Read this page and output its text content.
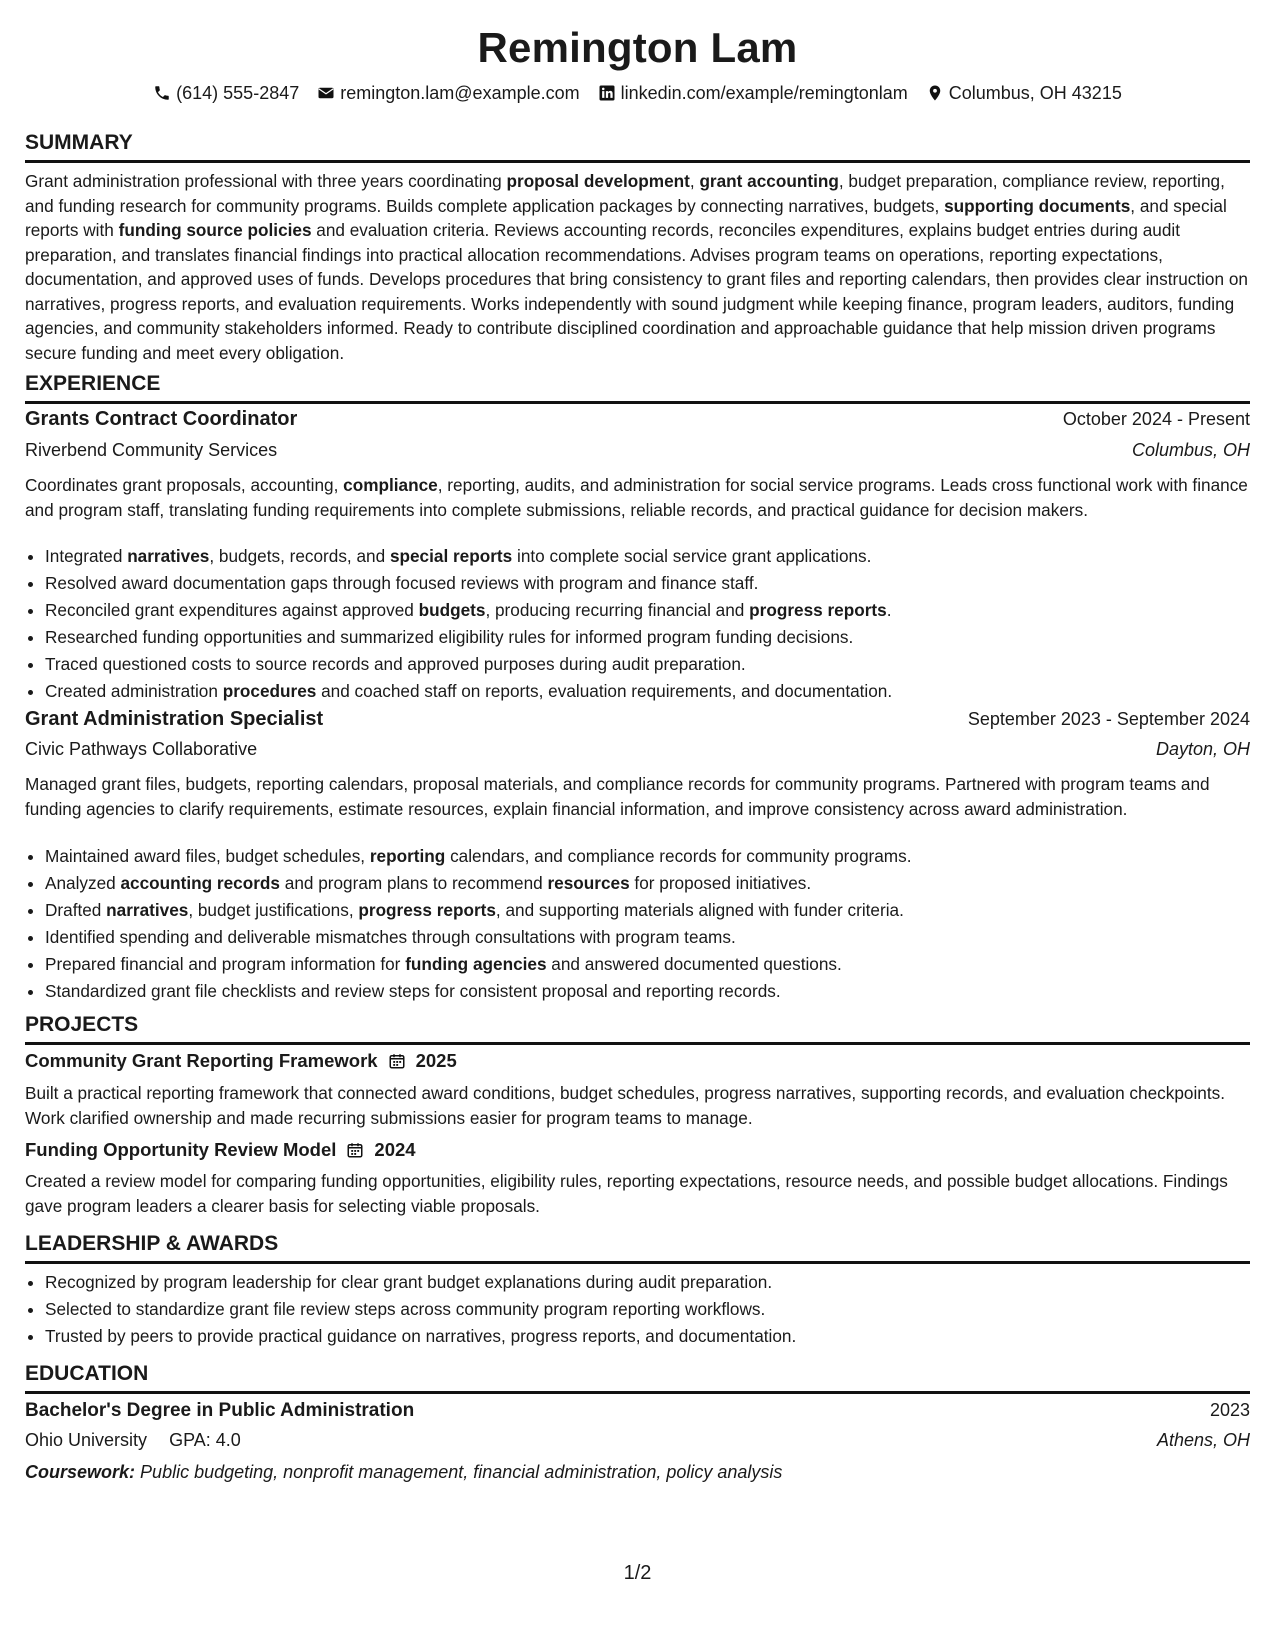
Remington Lam
(614) 555-2847 remington.lam@example.com linkedin.com/example/remingtonlam Columbus, OH 43215
SUMMARY
Grant administration professional with three years coordinating proposal development, grant accounting, budget preparation, compliance review, reporting, and funding research for community programs. Builds complete application packages by connecting narratives, budgets, supporting documents, and special reports with funding source policies and evaluation criteria. Reviews accounting records, reconciles expenditures, explains budget entries during audit preparation, and translates financial findings into practical allocation recommendations. Advises program teams on operations, reporting expectations, documentation, and approved uses of funds. Develops procedures that bring consistency to grant files and reporting calendars, then provides clear instruction on narratives, progress reports, and evaluation requirements. Works independently with sound judgment while keeping finance, program leaders, auditors, funding agencies, and community stakeholders informed. Ready to contribute disciplined coordination and approachable guidance that help mission driven programs secure funding and meet every obligation.
EXPERIENCE
Grants Contract Coordinator	October 2024 - Present
Riverbend Community Services	Columbus, OH
Coordinates grant proposals, accounting, compliance, reporting, audits, and administration for social service programs. Leads cross functional work with finance and program staff, translating funding requirements into complete submissions, reliable records, and practical guidance for decision makers.
• Integrated narratives, budgets, records, and special reports into complete social service grant applications.
• Resolved award documentation gaps through focused reviews with program and finance staff.
• Reconciled grant expenditures against approved budgets, producing recurring financial and progress reports.
• Researched funding opportunities and summarized eligibility rules for informed program funding decisions.
• Traced questioned costs to source records and approved purposes during audit preparation.
• Created administration procedures and coached staff on reports, evaluation requirements, and documentation.
Grant Administration Specialist	September 2023 - September 2024
Civic Pathways Collaborative	Dayton, OH
Managed grant files, budgets, reporting calendars, proposal materials, and compliance records for community programs. Partnered with program teams and funding agencies to clarify requirements, estimate resources, explain financial information, and improve consistency across award administration.
• Maintained award files, budget schedules, reporting calendars, and compliance records for community programs.
• Analyzed accounting records and program plans to recommend resources for proposed initiatives.
• Drafted narratives, budget justifications, progress reports, and supporting materials aligned with funder criteria.
• Identified spending and deliverable mismatches through consultations with program teams.
• Prepared financial and program information for funding agencies and answered documented questions.
• Standardized grant file checklists and review steps for consistent proposal and reporting records.
PROJECTS
Community Grant Reporting Framework 2025
Built a practical reporting framework that connected award conditions, budget schedules, progress narratives, supporting records, and evaluation checkpoints. Work clarified ownership and made recurring submissions easier for program teams to manage.
Funding Opportunity Review Model 2024
Created a review model for comparing funding opportunities, eligibility rules, reporting expectations, resource needs, and possible budget allocations. Findings gave program leaders a clearer basis for selecting viable proposals.
LEADERSHIP & AWARDS
• Recognized by program leadership for clear grant budget explanations during audit preparation.
• Selected to standardize grant file review steps across community program reporting workflows.
• Trusted by peers to provide practical guidance on narratives, progress reports, and documentation.
EDUCATION
Bachelor's Degree in Public Administration	2023
Ohio University GPA: 4.0	Athens, OH
Coursework: Public budgeting, nonprofit management, financial administration, policy analysis
1/2
